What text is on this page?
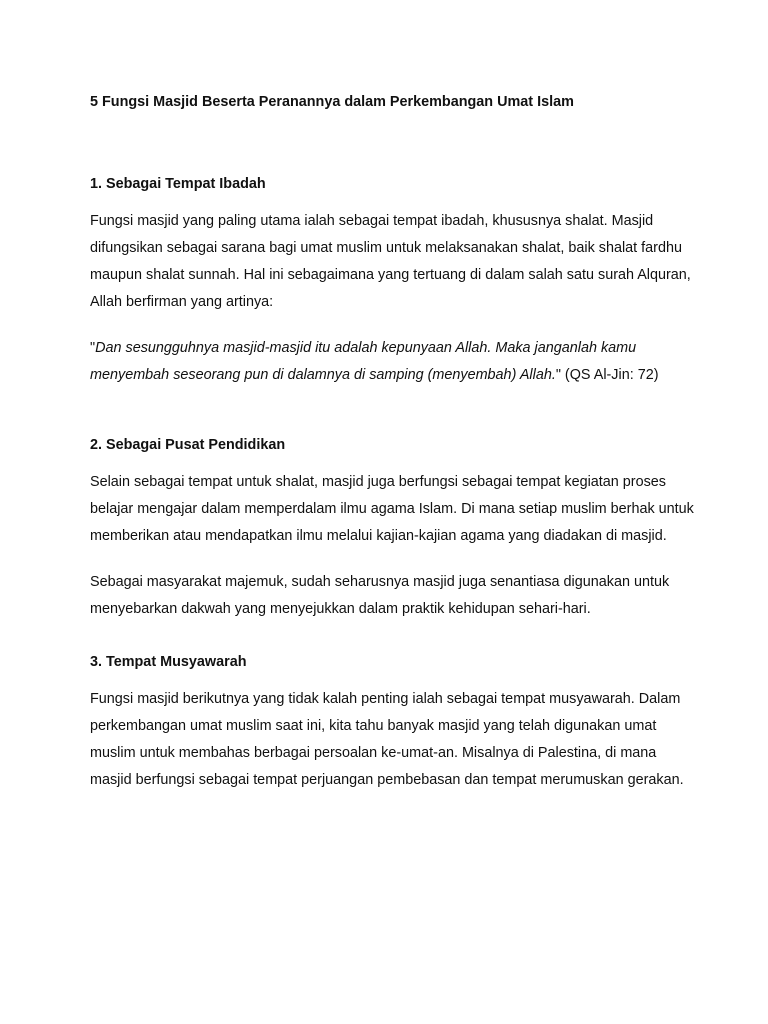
5 Fungsi Masjid Beserta Peranannya dalam Perkembangan Umat Islam
1. Sebagai Tempat Ibadah

Fungsi masjid yang paling utama ialah sebagai tempat ibadah, khususnya shalat. Masjid difungsikan sebagai sarana bagi umat muslim untuk melaksanakan shalat, baik shalat fardhu maupun shalat sunnah. Hal ini sebagaimana yang tertuang di dalam salah satu surah Alquran, Allah berfirman yang artinya:

"Dan sesungguhnya masjid-masjid itu adalah kepunyaan Allah. Maka janganlah kamu menyembah seseorang pun di dalamnya di samping (menyembah) Allah." (QS Al-Jin: 72)

2. Sebagai Pusat Pendidikan

Selain sebagai tempat untuk shalat, masjid juga berfungsi sebagai tempat kegiatan proses belajar mengajar dalam memperdalam ilmu agama Islam. Di mana setiap muslim berhak untuk memberikan atau mendapatkan ilmu melalui kajian-kajian agama yang diadakan di masjid.

Sebagai masyarakat majemuk, sudah seharusnya masjid juga senantiasa digunakan untuk menyebarkan dakwah yang menyejukkan dalam praktik kehidupan sehari-hari.

3. Tempat Musyawarah

Fungsi masjid berikutnya yang tidak kalah penting ialah sebagai tempat musyawarah. Dalam perkembangan umat muslim saat ini, kita tahu banyak masjid yang telah digunakan umat muslim untuk membahas berbagai persoalan ke-umat-an. Misalnya di Palestina, di mana masjid berfungsi sebagai tempat perjuangan pembebasan dan tempat merumuskan gerakan.
